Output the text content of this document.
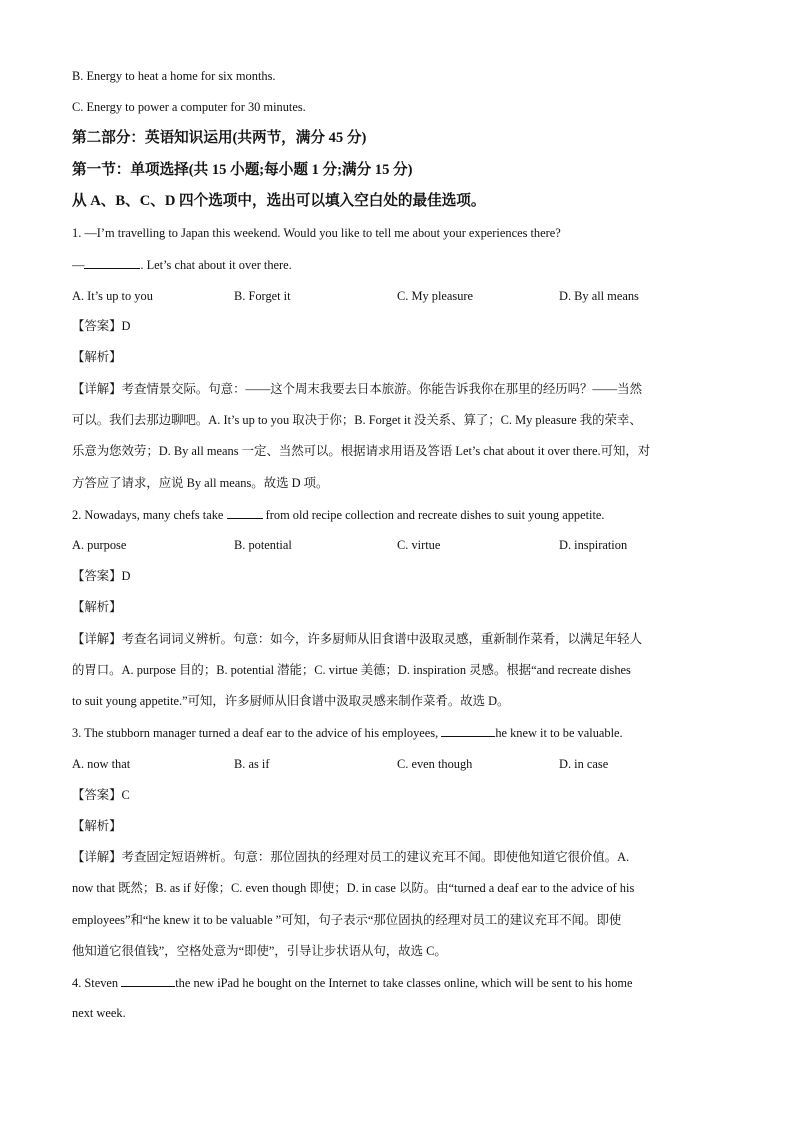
B. Energy to heat a home for six months.
C. Energy to power a computer for 30 minutes.
第二部分：英语知识运用(共两节，满分 45 分)
第一节：单项选择(共 15 小题;每小题 1 分;满分 15 分)
从 A、B、C、D 四个选项中，选出可以填入空白处的最佳选项。
1. —I’m travelling to Japan this weekend. Would you like to tell me about your experiences there?
—	. Let’s chat about it over there.
A. It’s up to you	B. Forget it	C. My pleasure	D. By all means
【答案】D
【解析】
【详解】考查情景交际。句意：——这个周末我要去日本旅游。你能告诉我你在那里的经历吗？——当然
可以。我们去那边聊吧。A. It’s up to you 取决于你；B. Forget it 没关系、算了；C. My pleasure 我的荣幸、
乐意为您效劳；D. By all means 一定、当然可以。根据请求用语及答语 Let’s chat about it over there.可知，对
方答应了请求，应说 By all means。故选 D 项。
2. Nowadays, many chefs take	from old recipe collection and recreate dishes to suit young appetite.
A. purpose	B. potential	C. virtue	D. inspiration
【答案】D
【解析】
【详解】考查名词词义辨析。句意：如今，许多厨师从旧食谱中汲取灵感，重新制作菜肴，以满足年轻人
的胃口。A. purpose 目的；B. potential 潜能；C. virtue 美德；D. inspiration 灵感。根据“and recreate dishes
to suit young appetite.”可知，许多厨师从旧食谱中汲取灵感来制作菜肴。故选 D。
3. The stubborn manager turned a deaf ear to the advice of his employees,	he knew it to be valuable.
A. now that	B. as if	C. even though	D. in case
【答案】C
【解析】
【详解】考查固定短语辨析。句意：那位固执的经理对员工的建议充耳不闻。即使他知道它很价值。A.
now that 既然；B. as if 好像；C. even though 即使；D. in case 以防。由“turned a deaf ear to the advice of his
employees”和“he knew it to be valuable ”可知，句子表示“那位固执的经理对员工的建议充耳不闻。即使
他知道它很值钱”，空格处意为“即使”，引导让步状语从句，故选 C。
4. Steven	the new iPad he bought on the Internet to take classes online, which will be sent to his home
next week.
